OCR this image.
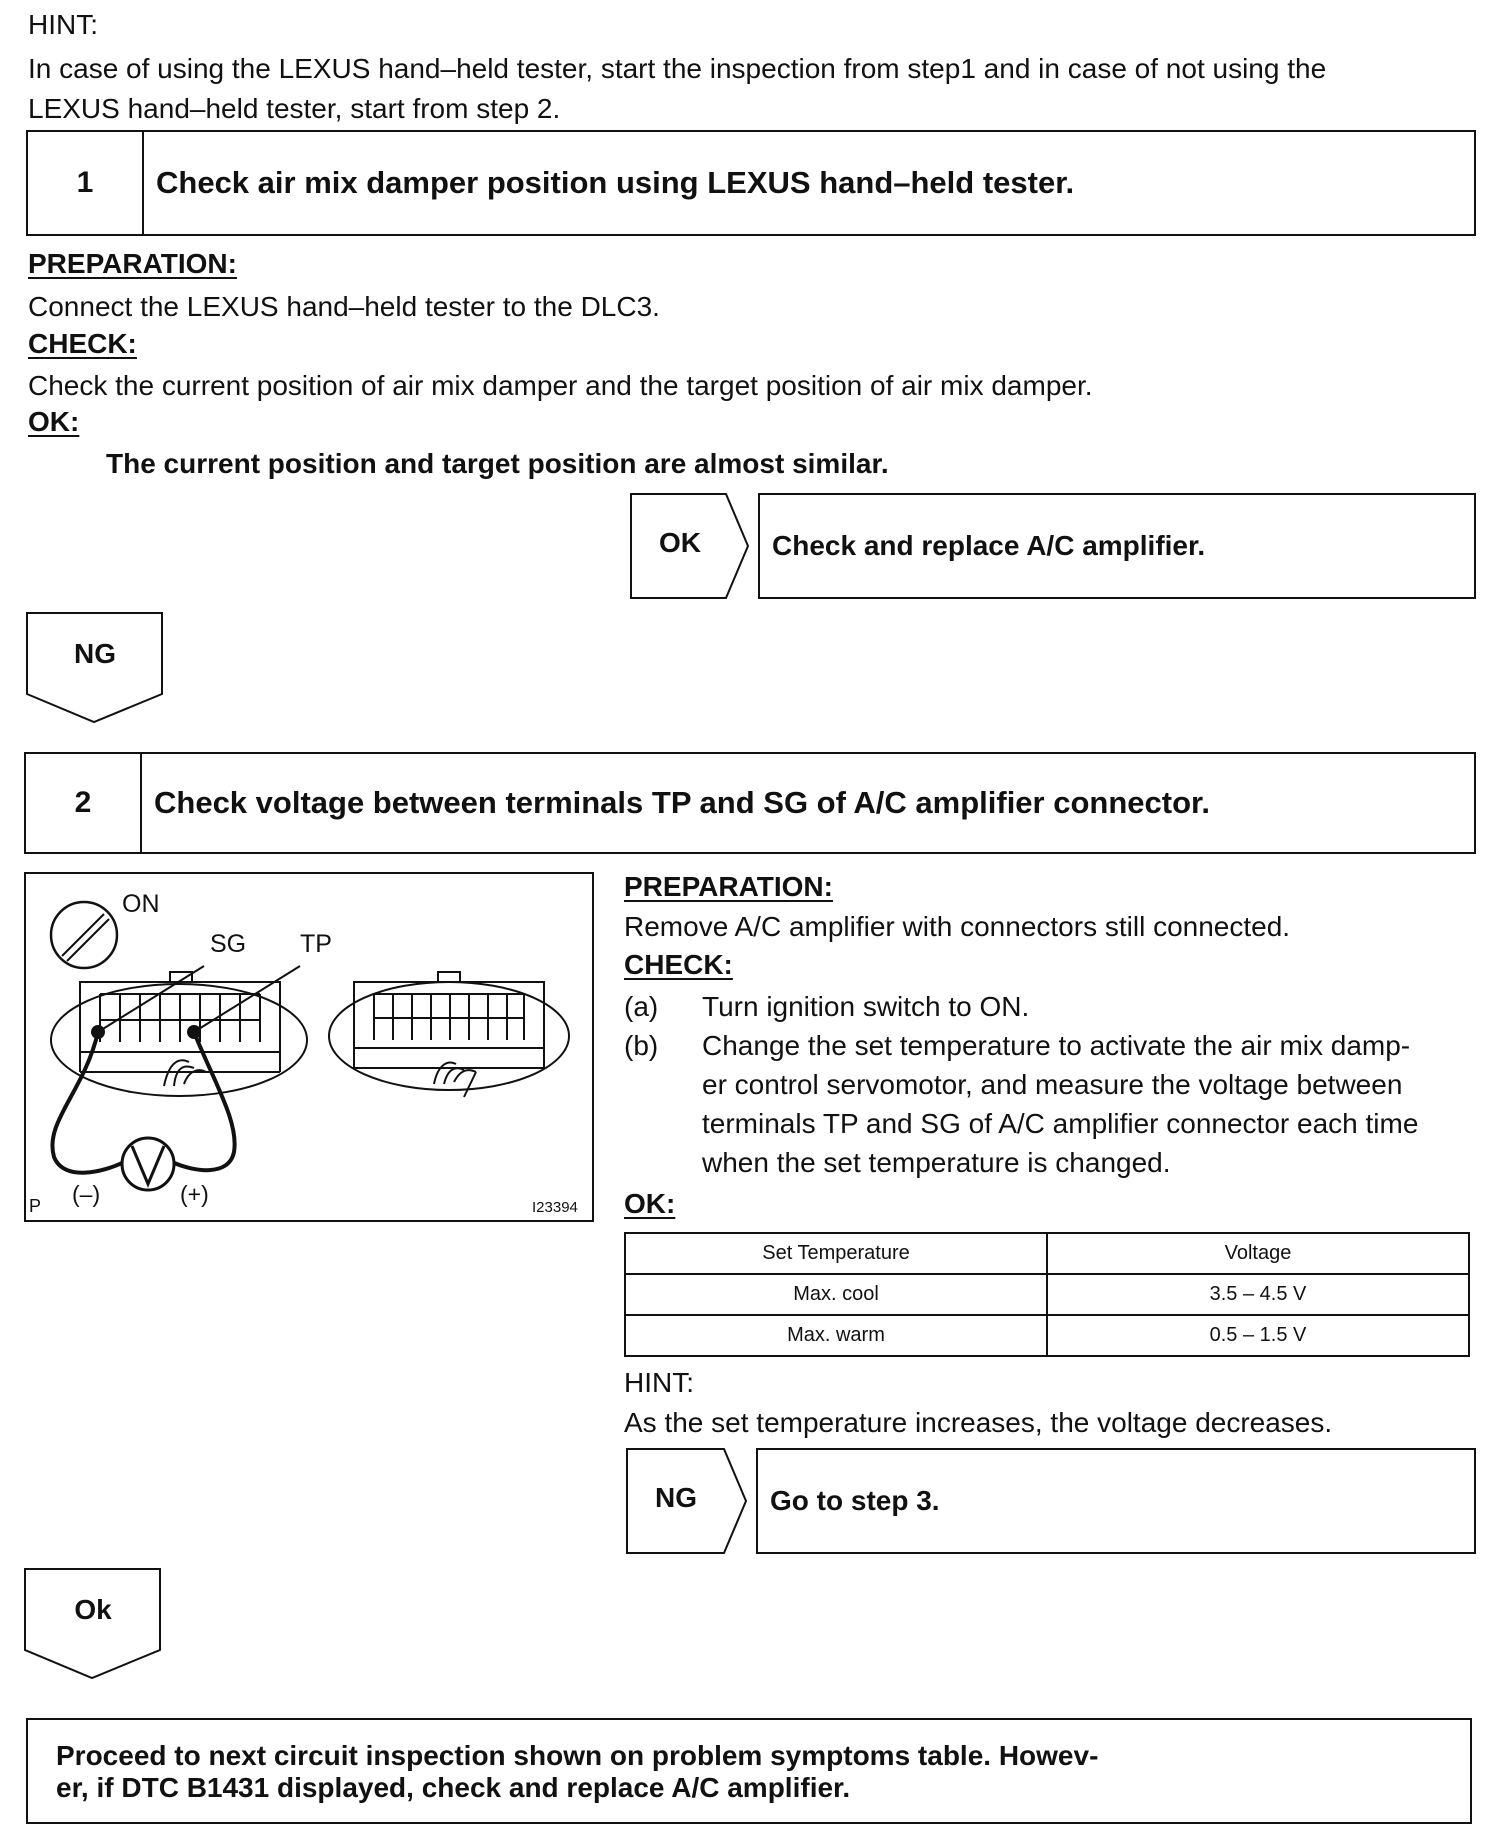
HINT:
In case of using the LEXUS hand–held tester, start the inspection from step1 and in case of not using the
LEXUS hand–held tester, start from step 2.
1	Check air mix damper position using LEXUS hand–held tester.
PREPARATION:
Connect the LEXUS hand–held tester to the DLC3.
CHECK:
Check the current position of air mix damper and the target position of air mix damper.
OK:
The current position and target position are almost similar.
OK	Check and replace A/C amplifier.
NG
2	Check voltage between terminals TP and SG of A/C amplifier connector.
ON
SG TP
(–)	(+)
P	I23394
PREPARATION:
Remove A/C amplifier with connectors still connected.
CHECK:
(a) Turn ignition switch to ON.
(b) Change the set temperature to activate the air mix damp-
er control servomotor, and measure the voltage between
terminals TP and SG of A/C amplifier connector each time
when the set temperature is changed.
OK:
Set Temperature	Voltage
Max. cool	3.5 – 4.5 V
Max. warm	0.5 – 1.5 V
HINT:
As the set temperature increases, the voltage decreases.
NG	Go to step 3.
Ok
Proceed to next circuit inspection shown on problem symptoms table. Howev-
er, if DTC B1431 displayed, check and replace A/C amplifier.
